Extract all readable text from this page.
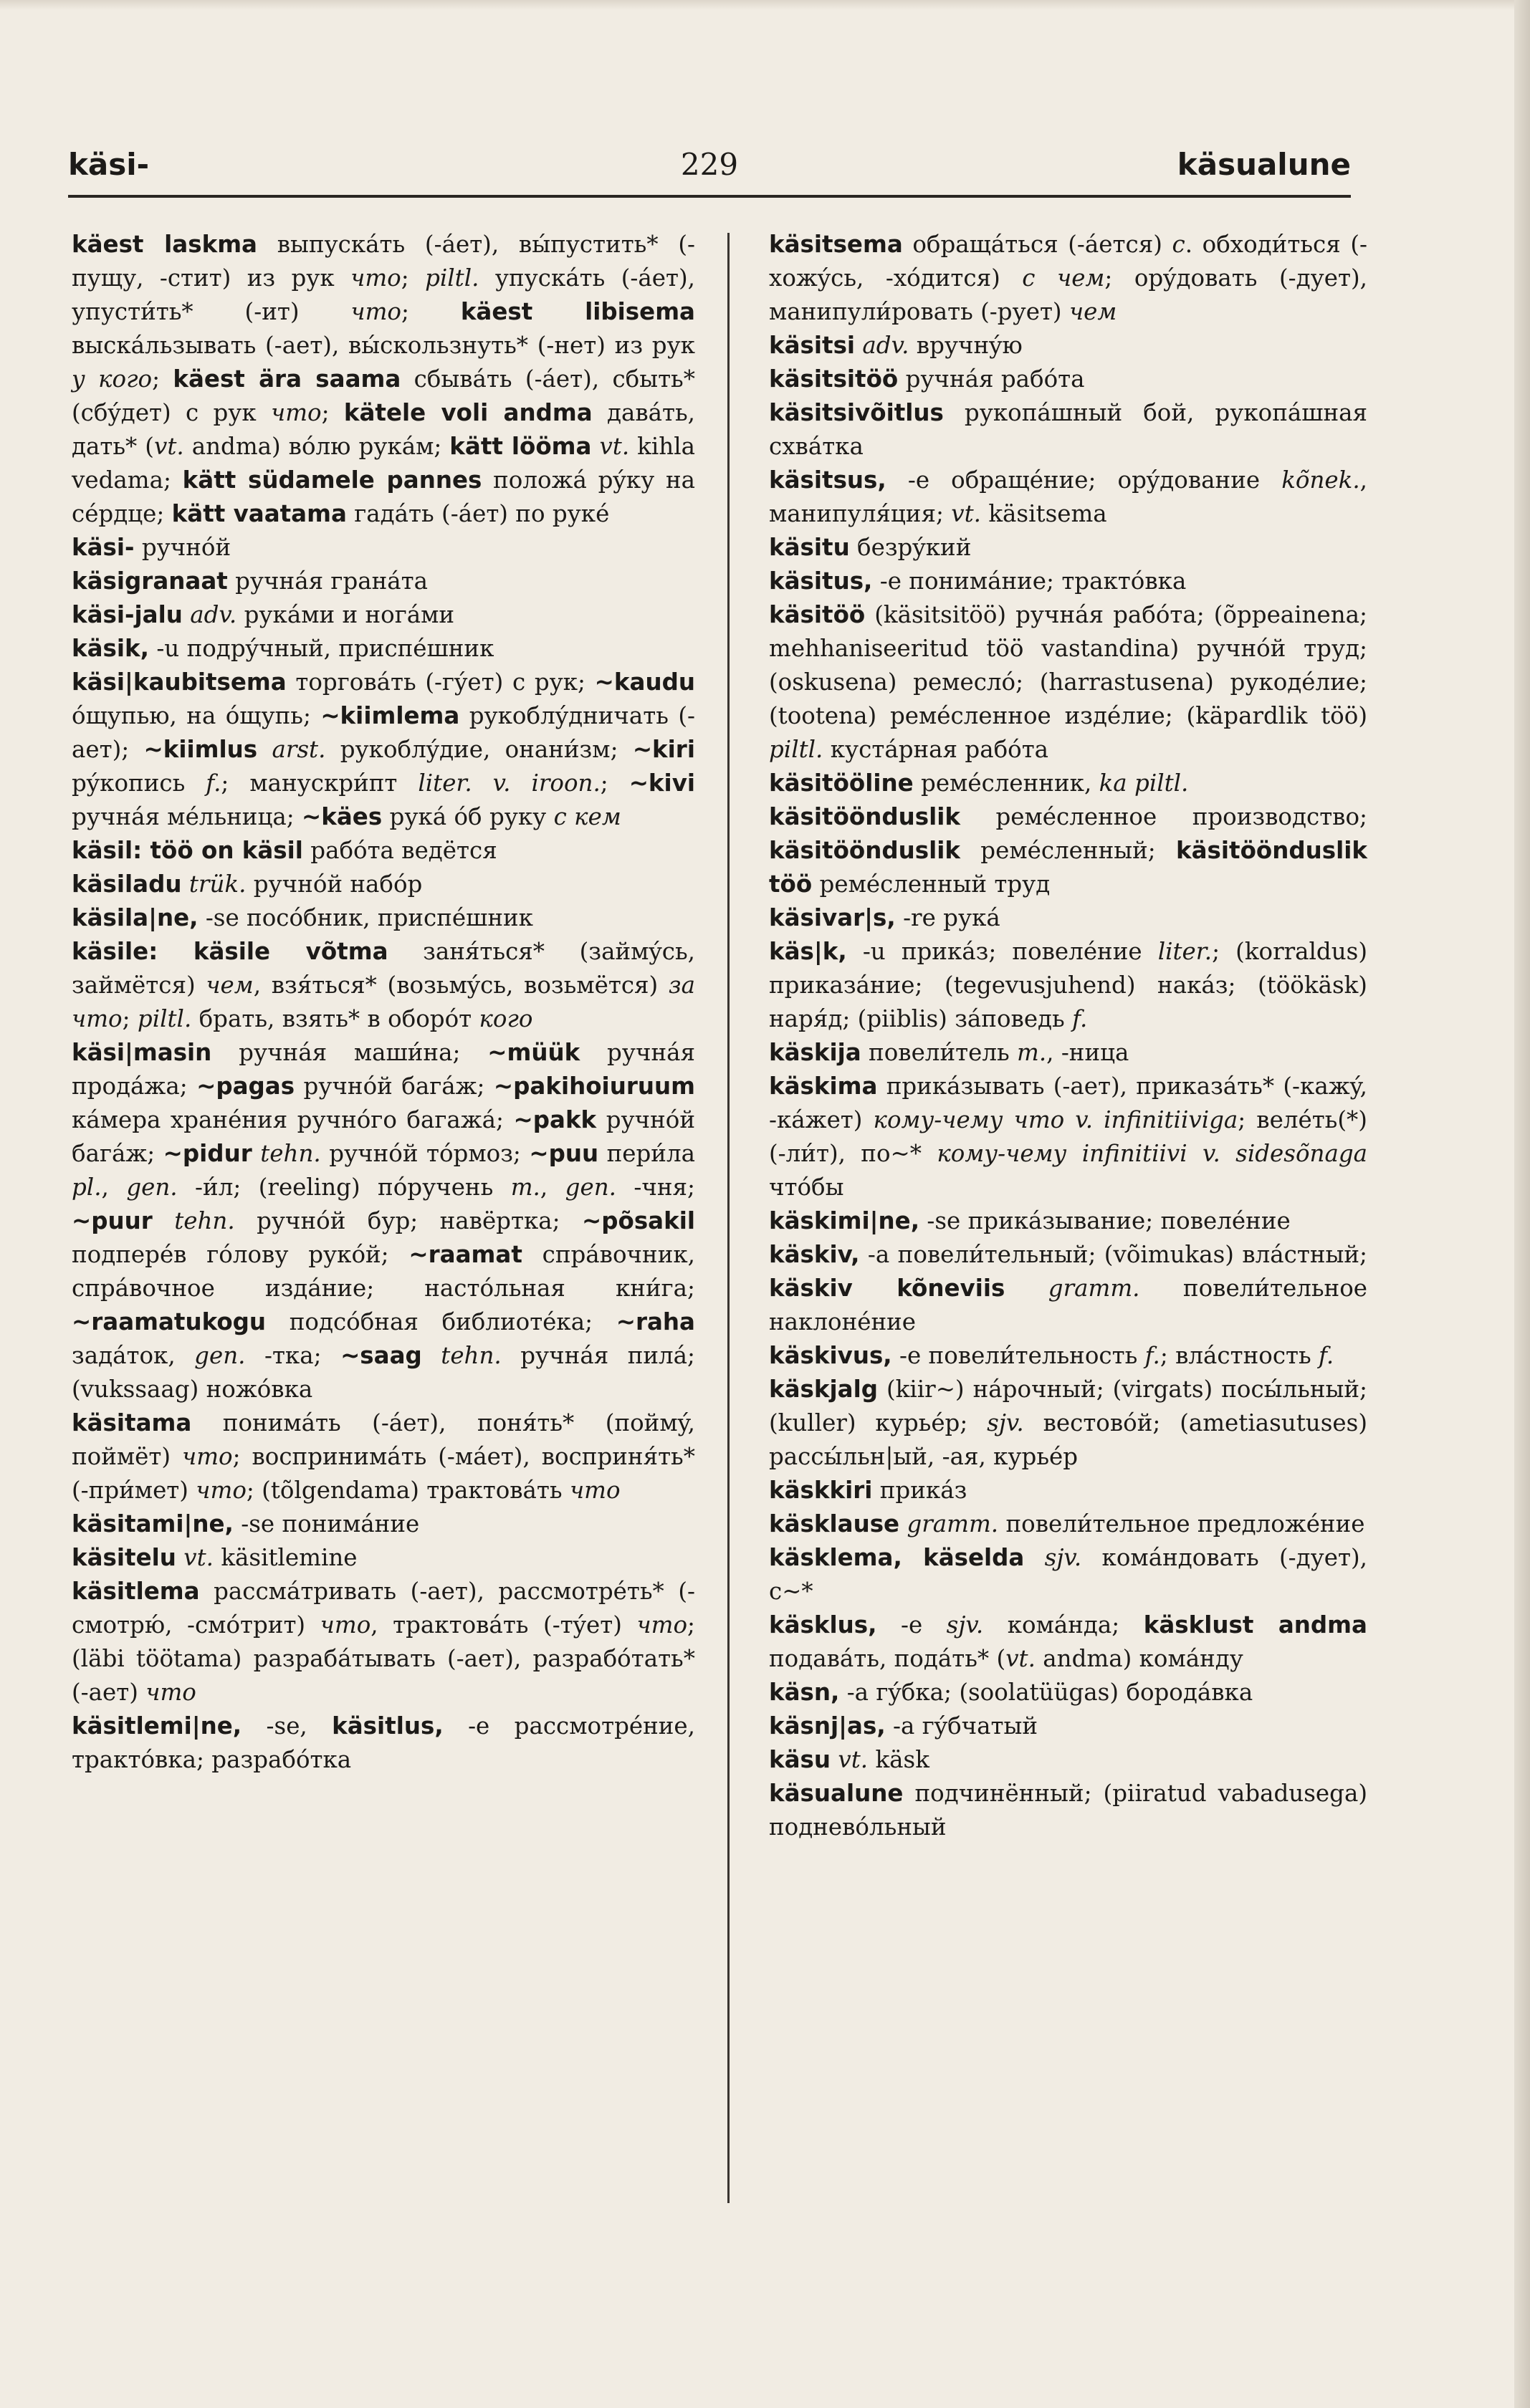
käsi-	229	käsualune

käest laskma выпускáть (-áет), вы́пустить* (-пущу, -стит) из рук что; piltl. упускáть (-áет), упусти́ть* (-ит) что; käest libisema выскáльзывать (-ает), вы́скользнуть* (-нет) из рук у кого; käest ära saama сбывáть (-áет), сбыть* (сбýдет) с рук что; kätele voli andma давáть, дать* (vt. andma) вóлю рукáм; kätt lööma vt. kihla vedama; kätt südamele pannes положá рýку на сéрдце; kätt vaatama гадáть (-áет) по рукé

käsi- ручнóй

käsigranaat ручнáя гранáта

käsi-jalu adv. рукáми и ногáми

käsik, -u подрýчный, приспéшник

käsi|kaubitsema торговáть (-гýет) с рук; ~kaudu óщупью, на óщупь; ~kiimlema рукоблýдничать (-ает); ~kiimlus arst. рукоблýдие, онани́зм; ~kiri рýкопись f.; манускри́пт liter. v. iroon.; ~kivi ручнáя мéльница; ~käes рукá óб руку с кем

käsil: töö on käsil рабóта ведётся

käsiladu trük. ручнóй набóр

käsila|ne, -se посóбник, приспéшник

käsile: käsile võtma заня́ться* (займýсь, займётся) чем, взя́ться* (возьмýсь, возьмётся) за что; piltl. брать, взять* в оборóт кого

käsi|masin ручнáя маши́на; ~müük ручнáя продáжа; ~pagas ручнóй багáж; ~pakihoiuruum кáмера хранéния ручнóго багажá; ~pakk ручнóй багáж; ~pidur tehn. ручнóй тóрмоз; ~puu пери́ла pl., gen. -и́л; (reeling) пóручень m., gen. -чня; ~puur tehn. ручнóй бур; навёртка; ~põsakil подперéв гóлову рукóй; ~raamat спрáвочник, спрáвочное издáние; настóльная кни́га; ~raamatukogu подсóбная библиотéка; ~raha задáток, gen. -тка; ~saag tehn. ручнáя пилá; (vukssaag) ножóвка

käsitama понимáть (-áет), поня́ть* (поймý, поймёт) что; воспринимáть (-мáет), восприня́ть* (-при́мет) что; (tõlgendama) трактовáть что

käsitami|ne, -se понимáние

käsitelu vt. käsitlemine

käsitlema рассмáтривать (-ает), рассмотрéть* (-смотрю́, -смóтрит) что, трактовáть (-тýет) что; (läbi töötama) разрабáтывать (-ает), разрабóтать* (-ает) что

käsitlemi|ne, -se, käsitlus, -e рассмотрéние, трактóвка; разрабóтка

käsitsema обращáться (-áется) с. обходи́ться (-хожýсь, -хóдится) с чем; орýдовать (-дует), манипули́ровать (-рует) чем

käsitsi adv. вручнýю

käsitsitöö ручнáя рабóта

käsitsivõitlus рукопáшный бой, рукопáшная схвáтка

käsitsus, -e обращéние; орýдование kõnek., манипуля́ция; vt. käsitsema

käsitu безрýкий

käsitus, -e понимáние; трактóвка

käsitöö (käsitsitöö) ручнáя рабóта; (õppeainena; mehhaniseeritud töö vastandina) ручнóй труд; (oskusena) ремеслó; (harrastusena) рукодéлие; (tootena) ремéсленное издéлие; (käpardlik töö) piltl. кустáрная рабóта

käsitööline ремéсленник, ka piltl.

käsitöönduslik ремéсленное производство; käsitöönduslik ремéсленный; käsitöönduslik töö ремéсленный труд

käsivar|s, -re рукá

käs|k, -u прикáз; повелéние liter.; (korraldus) приказáние; (tegevusjuhend) накáз; (töökäsk) наря́д; (piiblis) зáповедь f.

käskija повели́тель m., -ница

käskima прикáзывать (-ает), приказáть* (-кажý, -кáжет) кому-чему что v. infinitiiviga; велéть(*) (-ли́т), по~* кому-чему infinitiivi v. sidesõnaga чтóбы

käskimi|ne, -se прикáзывание; повелéние

käskiv, -a повели́тельный; (võimukas) влáстный; käskiv kõneviis gramm. повели́тельное наклонéние

käskivus, -e повели́тельность f.; влáстность f.

käskjalg (kiir~) нáрочный; (virgats) посы́льный; (kuller) курьéр; sjv. вестовóй; (ametiasutuses) рассы́льн|ый, -ая, курьéр

käskkiri прикáз

käsklause gramm. повели́тельное предложéние

käsklema, käselda sjv. комáндовать (-дует), с~*

käsklus, -e sjv. комáнда; käsklust andma подавáть, подáть* (vt. andma) комáнду

käsn, -a гýбка; (soolatüügas) бородáвка

käsnj|as, -a гýбчатый

käsu vt. käsk

käsualune подчинённый; (piiratud vabadusega) подневóльный
